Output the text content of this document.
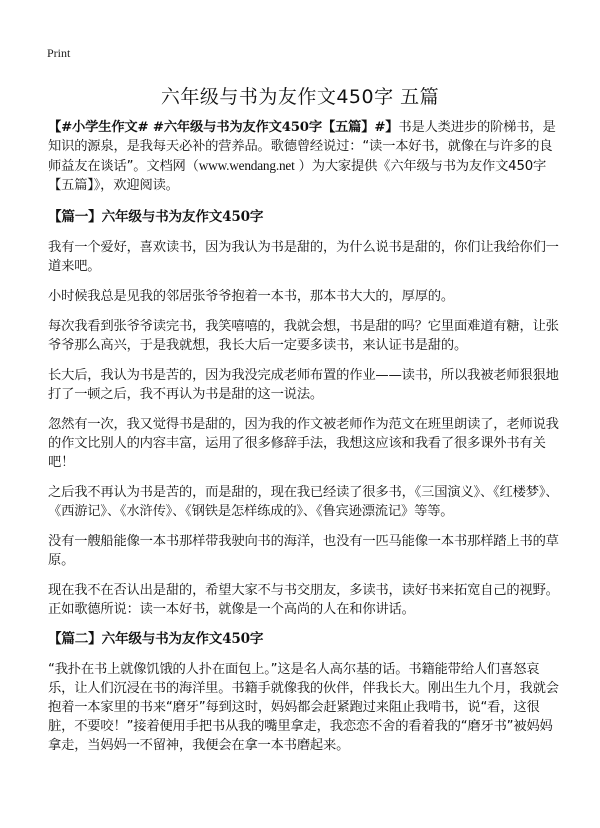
Print
六年级与书为友作文450字 五篇

【#小学生作文# #六年级与书为友作文450字【五篇】#】书是人类进步的阶梯书，是知识的源泉，是我每天必补的营养品。歌德曾经说过：“读一本好书，就像在与许多的良师益友在谈话”。文档网（www.wendang.net ）为大家提供《六年级与书为友作文450字【五篇】》，欢迎阅读。

【篇一】六年级与书为友作文450字

我有一个爱好，喜欢读书，因为我认为书是甜的，为什么说书是甜的，你们让我给你们一道来吧。

小时候我总是见我的邻居张爷爷抱着一本书，那本书大大的，厚厚的。

每次我看到张爷爷读完书，我笑嘻嘻的，我就会想，书是甜的吗？它里面难道有糖，让张爷爷那么高兴，于是我就想，我长大后一定要多读书，来认证书是甜的。

长大后，我认为书是苦的，因为我没完成老师布置的作业——读书，所以我被老师狠狠地打了一顿之后，我不再认为书是甜的这一说法。

忽然有一次，我又觉得书是甜的，因为我的作文被老师作为范文在班里朗读了，老师说我的作文比别人的内容丰富，运用了很多修辞手法，我想这应该和我看了很多课外书有关吧！

之后我不再认为书是苦的，而是甜的，现在我已经读了很多书，《三国演义》、《红楼梦》、《西游记》、《水浒传》、《钢铁是怎样练成的》、《鲁宾逊漂流记》等等。

没有一艘船能像一本书那样带我驶向书的海洋，也没有一匹马能像一本书那样踏上书的草原。

现在我不在否认出是甜的，希望大家不与书交朋友，多读书，读好书来拓宽自己的视野。正如歌德所说：读一本好书，就像是一个高尚的人在和你讲话。

【篇二】六年级与书为友作文450字

“我扑在书上就像饥饿的人扑在面包上。”这是名人高尔基的话。书籍能带给人们喜怒哀乐，让人们沉浸在书的海洋里。书籍手就像我的伙伴，伴我长大。刚出生九个月，我就会抱着一本家里的书来“磨牙”每到这时，妈妈都会赶紧跑过来阻止我啃书，说“看，这很脏，不要咬！”接着便用手把书从我的嘴里拿走，我恋恋不舍的看着我的“磨牙书”被妈妈拿走，当妈妈一不留神，我便会在拿一本书磨起来。
